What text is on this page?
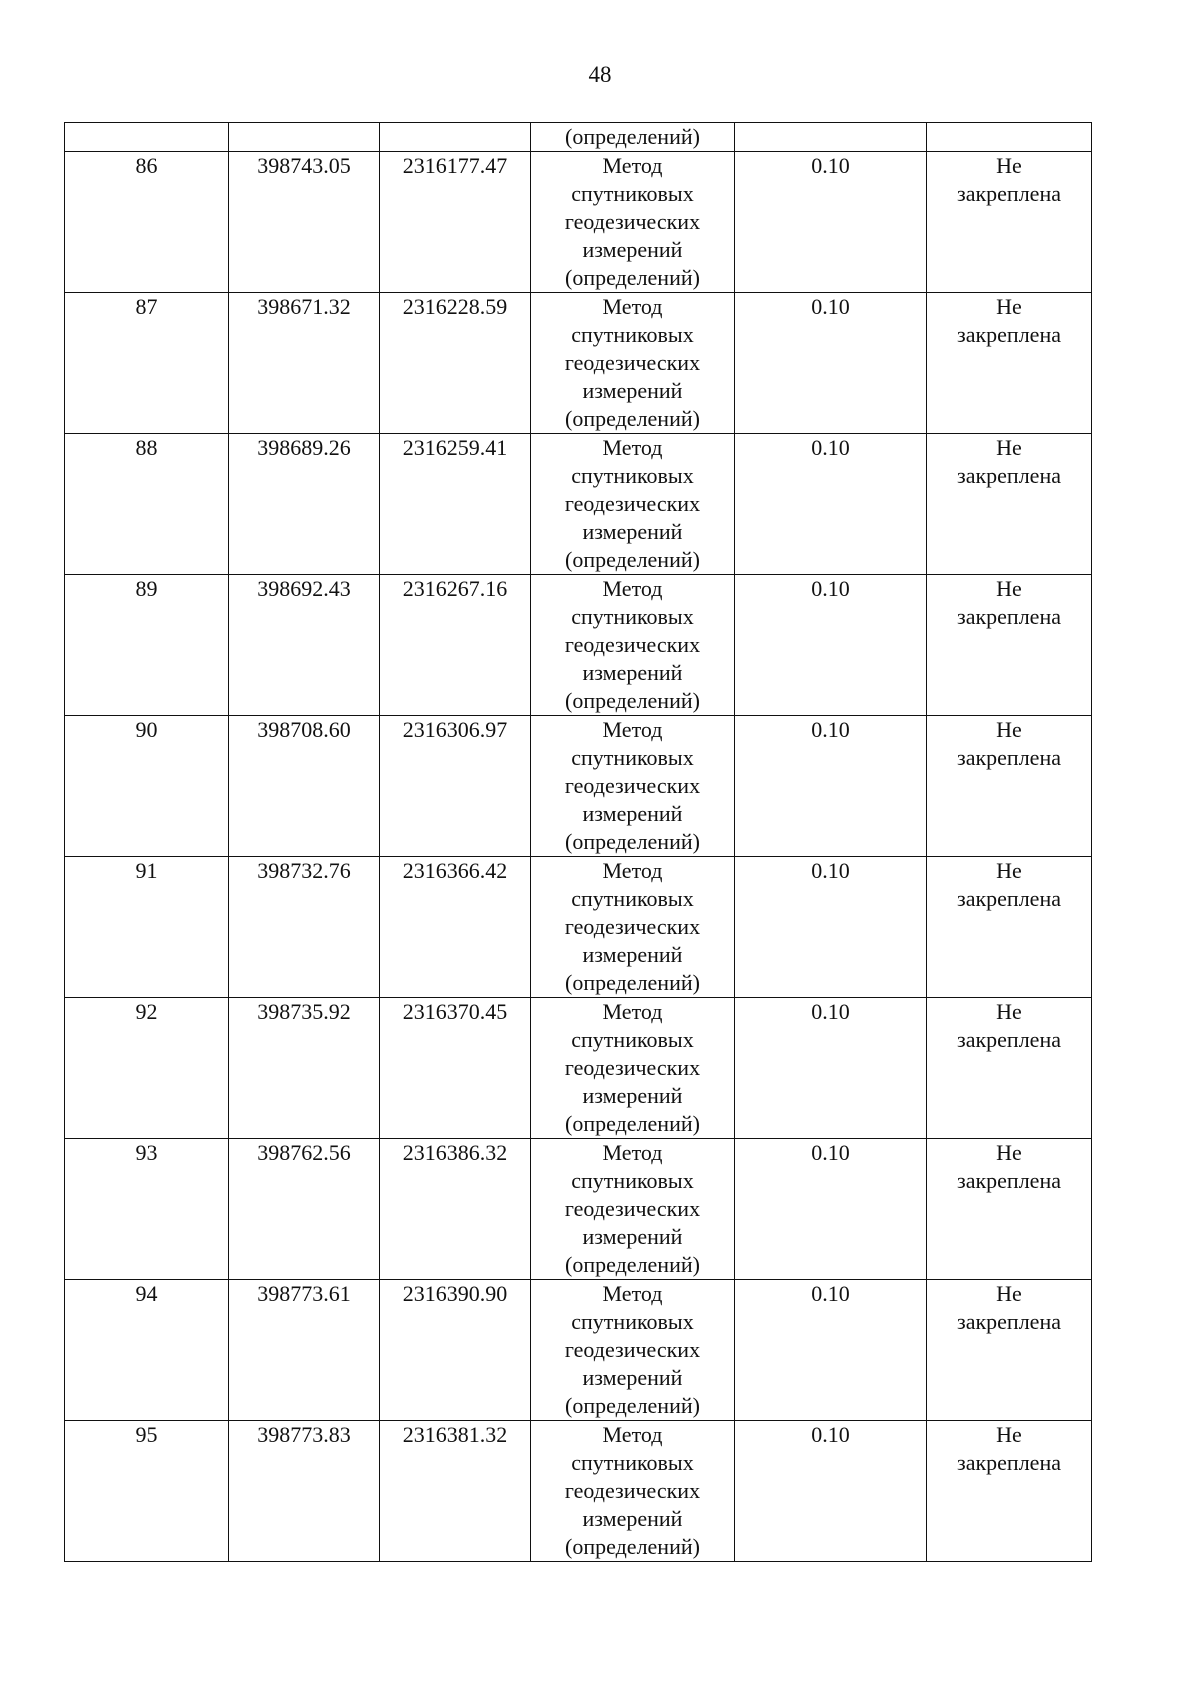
48
			(определений)		
86	398743.05	2316177.47	Метод
спутниковых
геодезических
измерений
(определений)	0.10	Не
закреплена

87	398671.32	2316228.59	Метод
спутниковых
геодезических
измерений
(определений)	0.10	Не
закреплена

88	398689.26	2316259.41	Метод
спутниковых
геодезических
измерений
(определений)	0.10	Не
закреплена

89	398692.43	2316267.16	Метод
спутниковых
геодезических
измерений
(определений)	0.10	Не
закреплена

90	398708.60	2316306.97	Метод
спутниковых
геодезических
измерений
(определений)	0.10	Не
закреплена

91	398732.76	2316366.42	Метод
спутниковых
геодезических
измерений
(определений)	0.10	Не
закреплена

92	398735.92	2316370.45	Метод
спутниковых
геодезических
измерений
(определений)	0.10	Не
закреплена

93	398762.56	2316386.32	Метод
спутниковых
геодезических
измерений
(определений)	0.10	Не
закреплена

94	398773.61	2316390.90	Метод
спутниковых
геодезических
измерений
(определений)	0.10	Не
закреплена

95	398773.83	2316381.32	Метод
спутниковых
геодезических
измерений
(определений)	0.10	Не
закреплена
